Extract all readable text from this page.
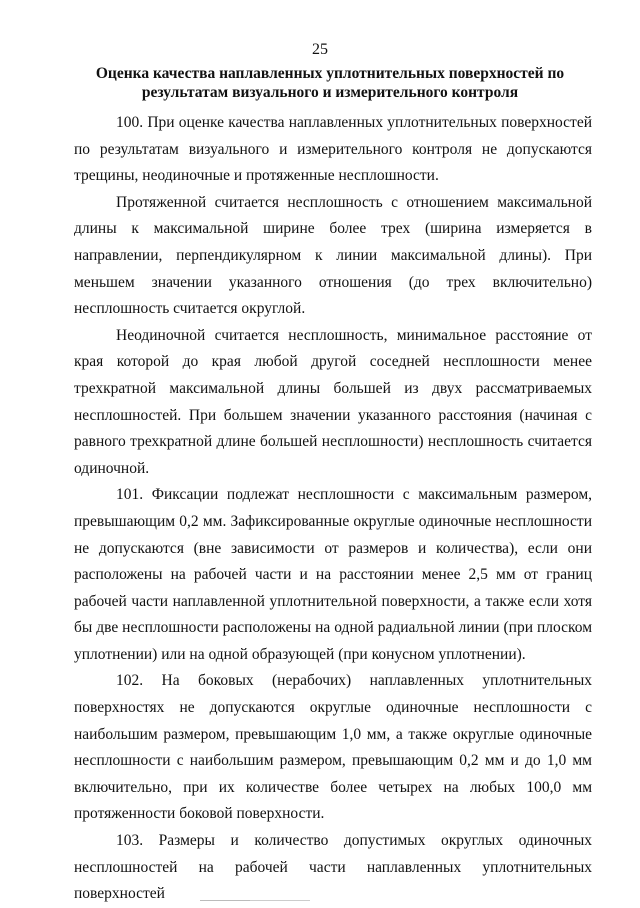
25
Оценка качества наплавленных уплотнительных поверхностей по результатам визуального и измерительного контроля

100. При оценке качества наплавленных уплотнительных поверхностей по результатам визуального и измерительного контроля не допускаются трещины, неодиночные и протяженные несплошности.

Протяженной считается несплошность с отношением максимальной длины к максимальной ширине более трех (ширина измеряется в направлении, перпендикулярном к линии максимальной длины). При меньшем значении указанного отношения (до трех включительно) несплошность считается округлой.

Неодиночной считается несплошность, минимальное расстояние от края которой до края любой другой соседней несплошности менее трехкратной максимальной длины большей из двух рассматриваемых несплошностей. При большем значении указанного расстояния (начиная с равного трехкратной длине большей несплошности) несплошность считается одиночной.

101. Фиксации подлежат несплошности с максимальным размером, превышающим 0,2 мм. Зафиксированные округлые одиночные несплошности не допускаются (вне зависимости от размеров и количества), если они расположены на рабочей части и на расстоянии менее 2,5 мм от границ рабочей части наплавленной уплотнительной поверхности, а также если хотя бы две несплошности расположены на одной радиальной линии (при плоском уплотнении) или на одной образующей (при конусном уплотнении).

102. На боковых (нерабочих) наплавленных уплотнительных поверхностях не допускаются округлые одиночные несплошности с наибольшим размером, превышающим 1,0 мм, а также округлые одиночные несплошности с наибольшим размером, превышающим 0,2 мм и до 1,0 мм включительно, при их количестве более четырех на любых 100,0 мм протяженности боковой поверхности.

103. Размеры и количество допустимых округлых одиночных несплошностей на рабочей части наплавленных уплотнительных поверхностей
